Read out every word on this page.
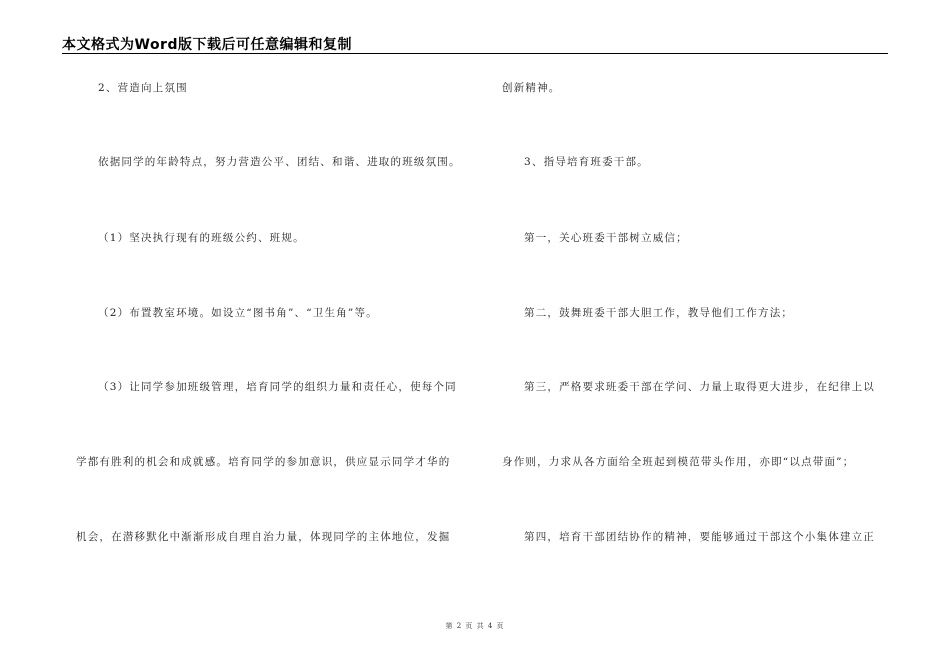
本文格式为Word版下载后可任意编辑和复制
2、营造向上氛围
依据同学的年龄特点，努力营造公平、团结、和谐、进取的班级氛围。
（1）坚决执行现有的班级公约、班规。
（2）布置教室环境。如设立“图书角”、“卫生角”等。
（3）让同学参加班级管理，培育同学的组织力量和责任心，使每个同
学都有胜利的机会和成就感。培育同学的参加意识，供应显示同学才华的
机会，在潜移默化中渐渐形成自理自治力量，体现同学的主体地位，发掘
创新精神。
3、指导培育班委干部。
第一，关心班委干部树立威信；
第二，鼓舞班委干部大胆工作，教导他们工作方法；
第三，严格要求班委干部在学问、力量上取得更大进步，在纪律上以
身作则，力求从各方面给全班起到模范带头作用，亦即“以点带面”；
第四，培育干部团结协作的精神，要能够通过干部这个小集体建立正
第 2 页 共 4 页
